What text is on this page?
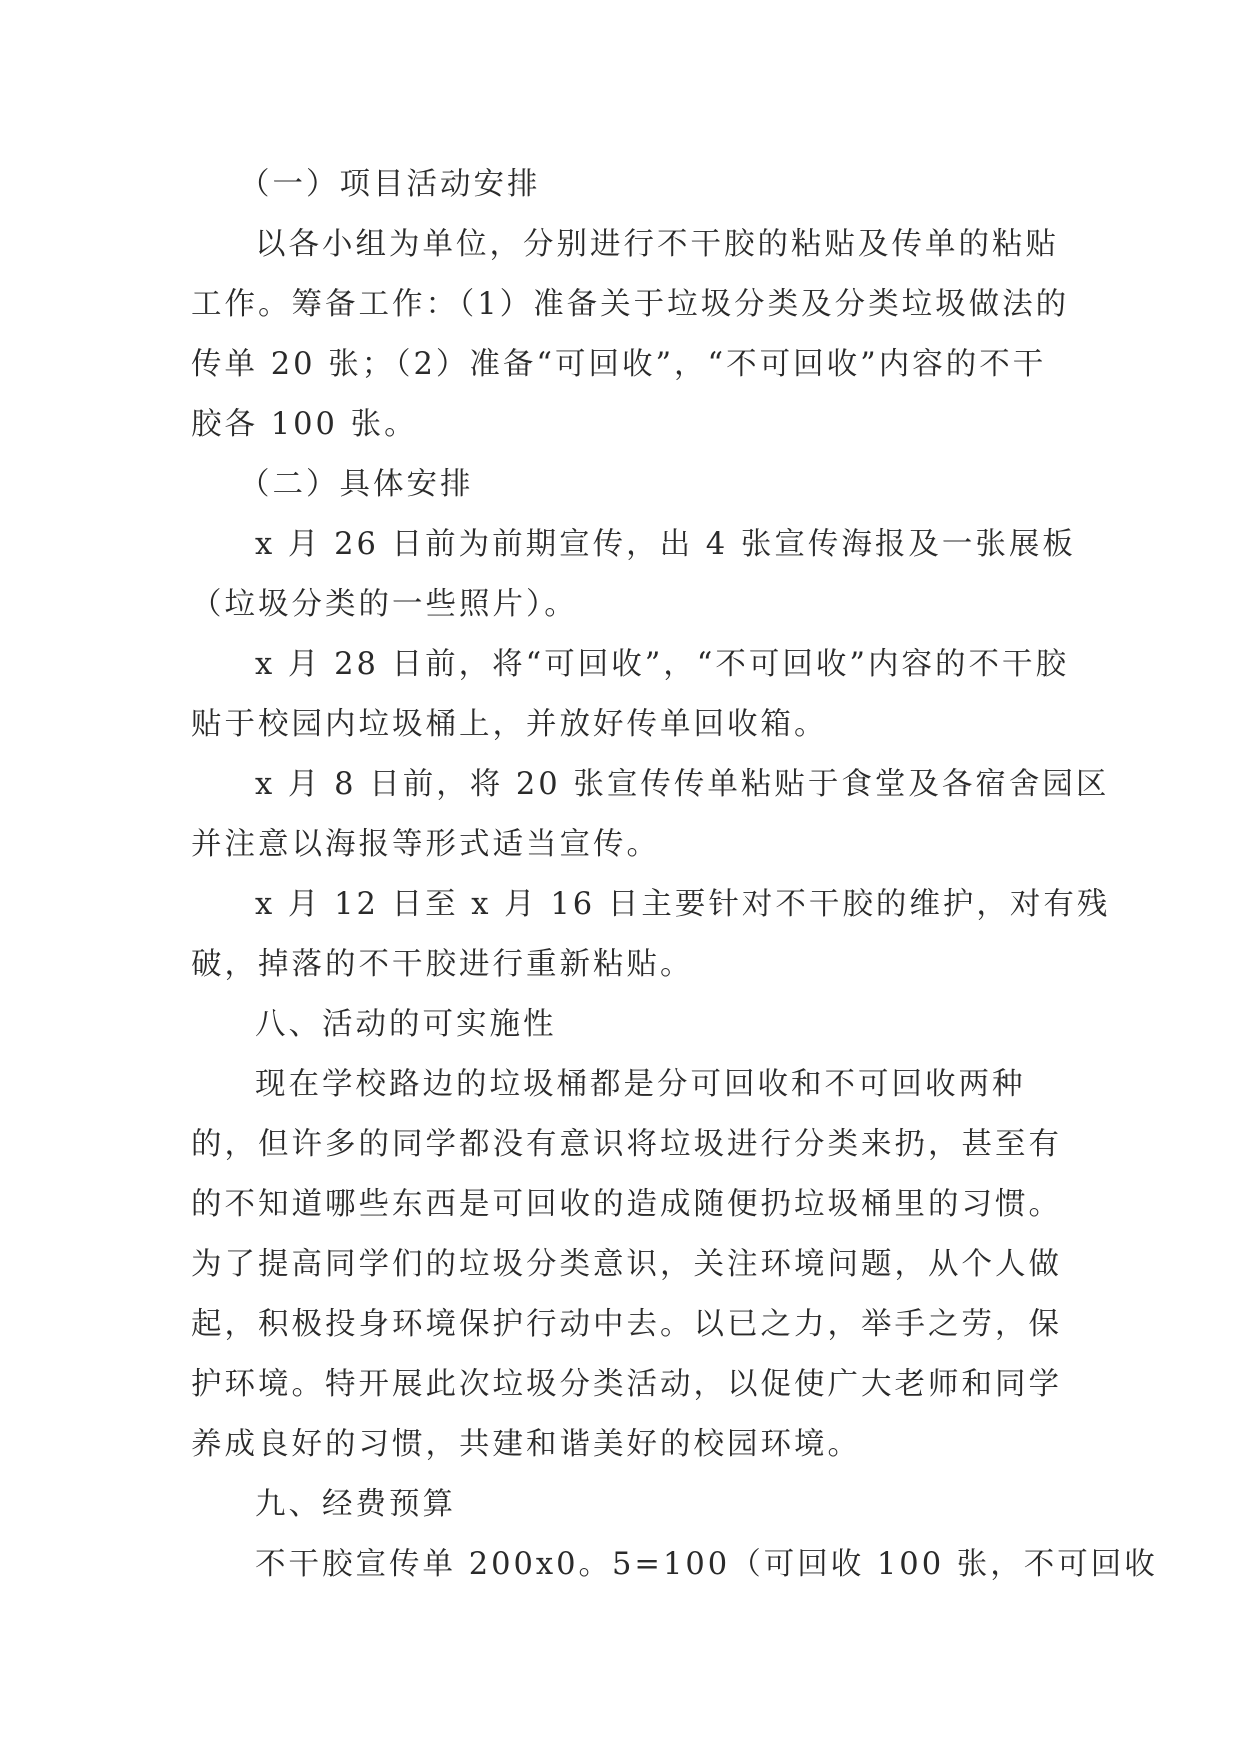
（一）项目活动安排

以各小组为单位，分别进行不干胶的粘贴及传单的粘贴

工作。筹备工作：（1）准备关于垃圾分类及分类垃圾做法的

传单 20 张；（2）准备“可回收”，“不可回收”内容的不干

胶各 100 张。

（二）具体安排

x 月 26 日前为前期宣传，出 4 张宣传海报及一张展板

（垃圾分类的一些照片）。

x 月 28 日前，将“可回收”，“不可回收”内容的不干胶

贴于校园内垃圾桶上，并放好传单回收箱。

x 月 8 日前，将 20 张宣传传单粘贴于食堂及各宿舍园区

并注意以海报等形式适当宣传。

x 月 12 日至 x 月 16 日主要针对不干胶的维护，对有残

破，掉落的不干胶进行重新粘贴。

八、活动的可实施性

现在学校路边的垃圾桶都是分可回收和不可回收两种

的，但许多的同学都没有意识将垃圾进行分类来扔，甚至有

的不知道哪些东西是可回收的造成随便扔垃圾桶里的习惯。

为了提高同学们的垃圾分类意识，关注环境问题，从个人做

起，积极投身环境保护行动中去。以已之力，举手之劳，保

护环境。特开展此次垃圾分类活动，以促使广大老师和同学

养成良好的习惯，共建和谐美好的校园环境。

九、经费预算

不干胶宣传单 200x0。5=100（可回收 100 张，不可回收
